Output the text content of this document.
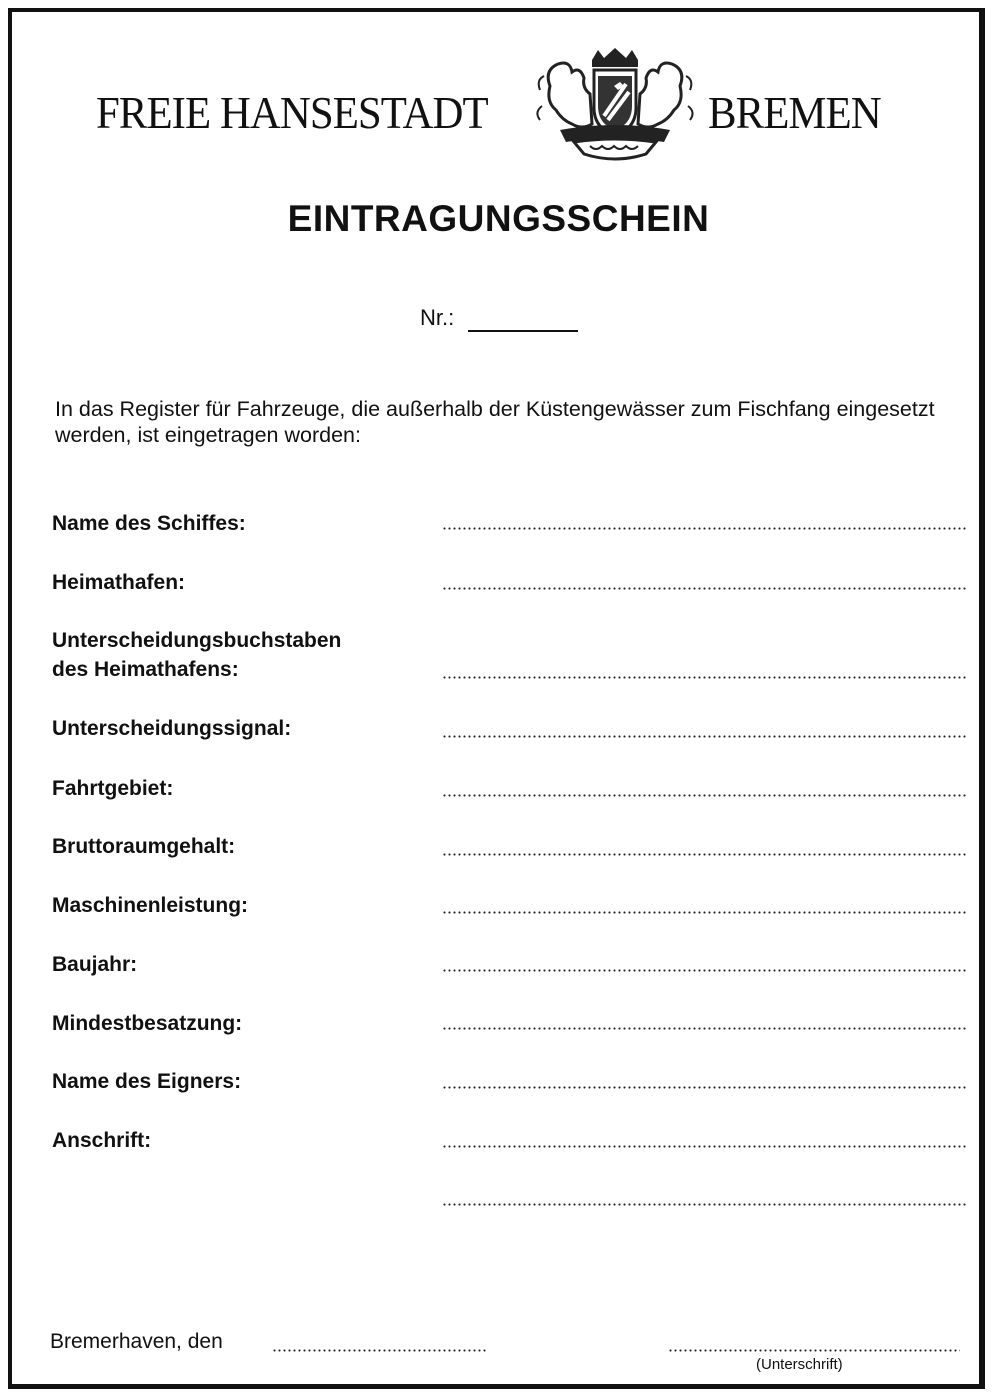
FREIE HANSESTADT	BREMEN
EINTRAGUNGSSCHEIN
Nr.:
In das Register für Fahrzeuge, die außerhalb der Küstengewässer zum Fischfang eingesetzt werden, ist eingetragen worden:
Name des Schiffes:
Heimathafen:
Unterscheidungsbuchstaben
des Heimathafens:
Unterscheidungssignal:
Fahrtgebiet:
Bruttoraumgehalt:
Maschinenleistung:
Baujahr:
Mindestbesatzung:
Name des Eigners:
Anschrift:
Bremerhaven, den
(Unterschrift)
